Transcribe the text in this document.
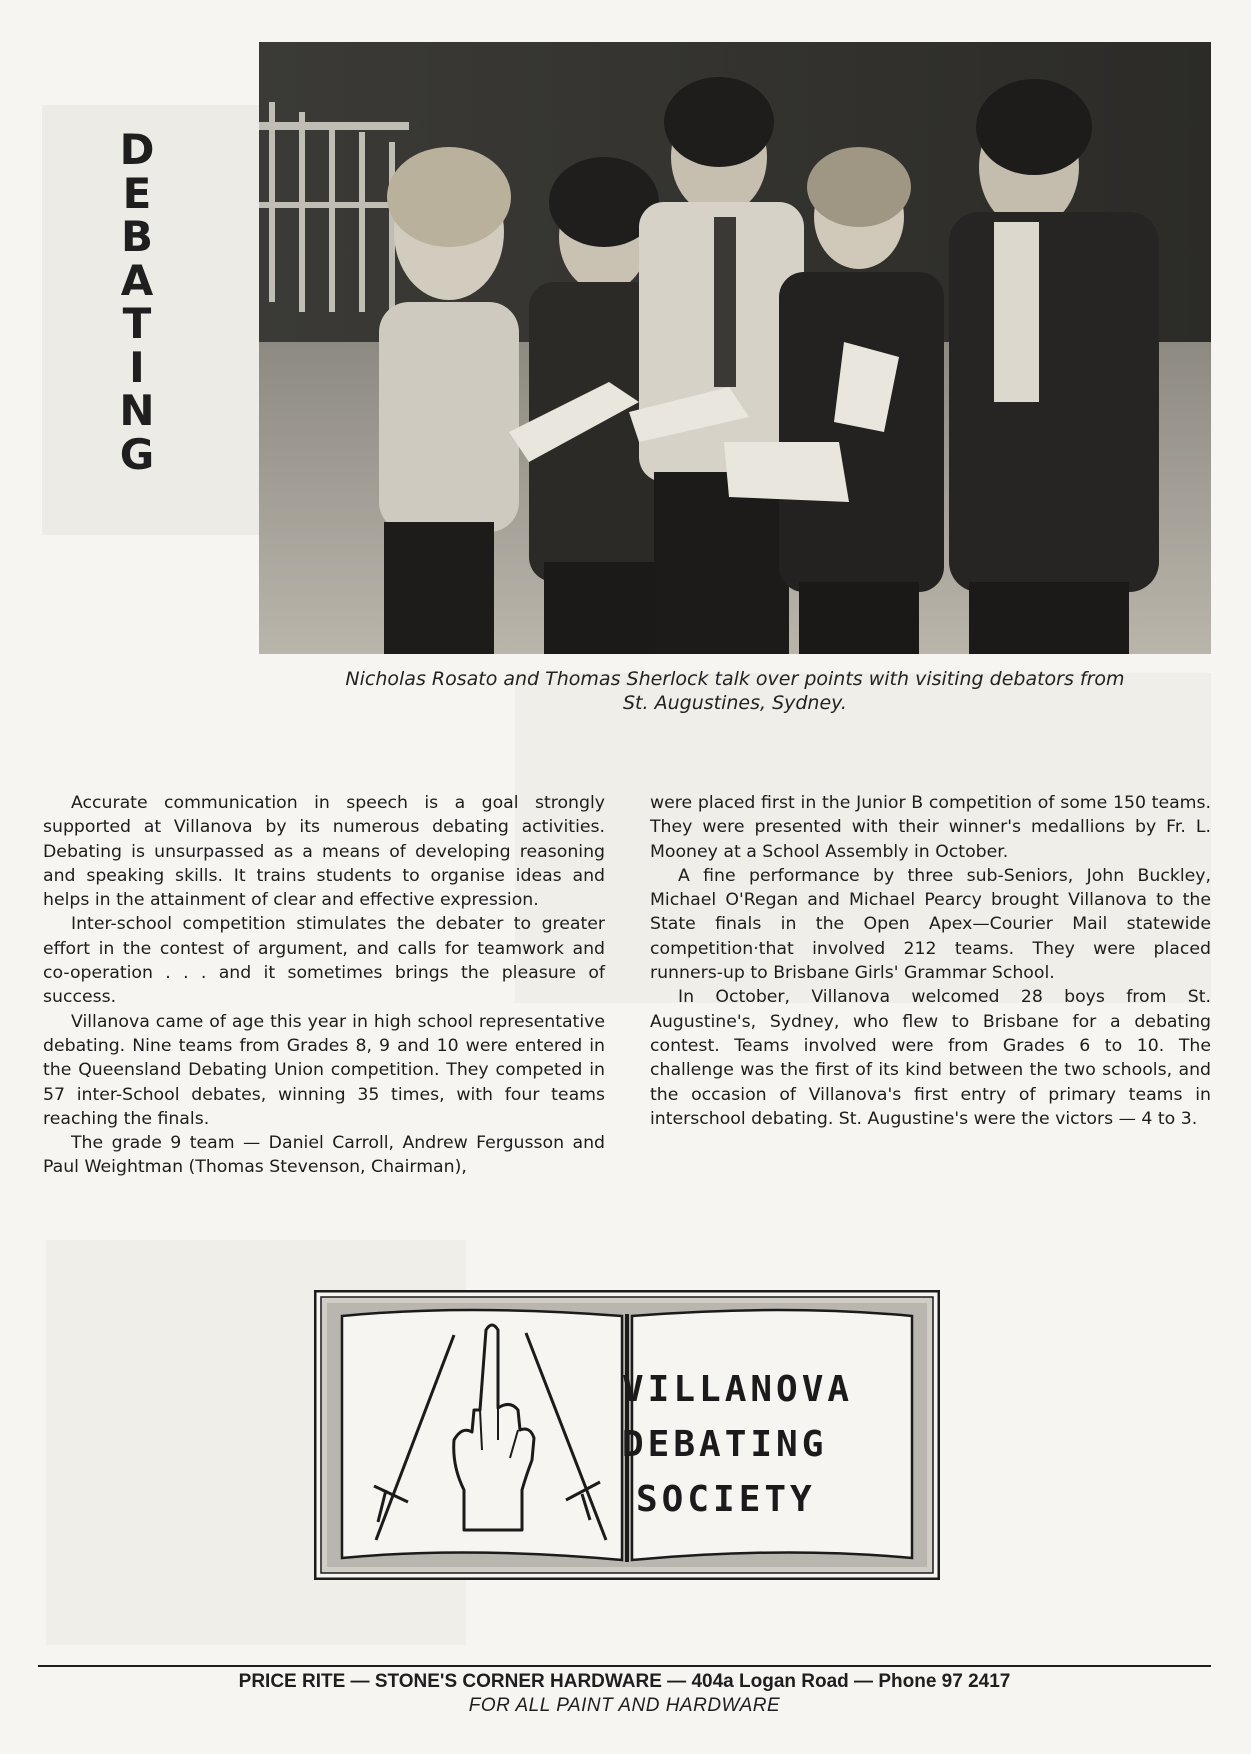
D
E
B
A
T
I
N
G
Nicholas Rosato and Thomas Sherlock talk over points with visiting debators from
St. Augustines, Sydney.

Accurate communication in speech is a goal strongly supported at Villanova by its numerous debating activities. Debating is unsurpassed as a means of developing reasoning and speaking skills. It trains students to organise ideas and helps in the attainment of clear and effective expression.

Inter-school competition stimulates the debater to greater effort in the contest of argument, and calls for teamwork and co-operation . . . and it sometimes brings the pleasure of success.

Villanova came of age this year in high school representative debating. Nine teams from Grades 8, 9 and 10 were entered in the Queensland Debating Union competition. They competed in 57 inter-School debates, winning 35 times, with four teams reaching the finals.

The grade 9 team — Daniel Carroll, Andrew Fergusson and Paul Weightman (Thomas Stevenson, Chairman),

were placed first in the Junior B competition of some 150 teams. They were presented with their winner's medallions by Fr. L. Mooney at a School Assembly in October.

A fine performance by three sub-Seniors, John Buckley, Michael O'Regan and Michael Pearcy brought Villanova to the State finals in the Open Apex—Courier Mail statewide competition·that involved 212 teams. They were placed runners-up to Brisbane Girls' Grammar School.

In October, Villanova welcomed 28 boys from St. Augustine's, Sydney, who flew to Brisbane for a debating contest. Teams involved were from Grades 6 to 10. The challenge was the first of its kind between the two schools, and the occasion of Villanova's first entry of primary teams in interschool debating. St. Augustine's were the victors — 4 to 3.

VILLANOVA
DEBATING
SOCIETY
PRICE RITE — STONE'S CORNER HARDWARE — 404a Logan Road — Phone 97 2417
FOR ALL PAINT AND HARDWARE
